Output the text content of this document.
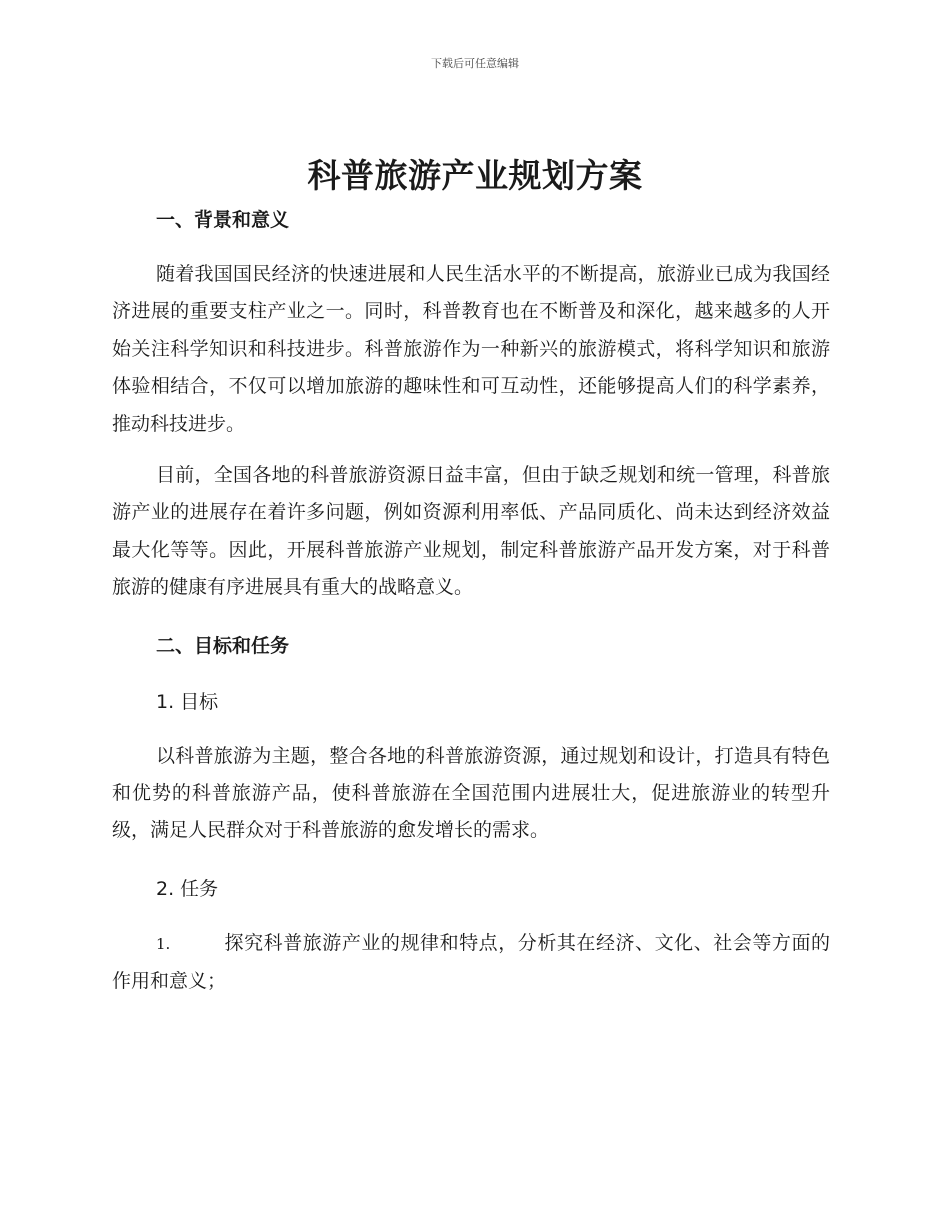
下载后可任意编辑
科普旅游产业规划方案
一、背景和意义

随着我国国民经济的快速进展和人民生活水平的不断提高，旅游业已成为我国经济进展的重要支柱产业之一。同时，科普教育也在不断普及和深化，越来越多的人开始关注科学知识和科技进步。科普旅游作为一种新兴的旅游模式，将科学知识和旅游体验相结合，不仅可以增加旅游的趣味性和可互动性，还能够提高人们的科学素养，推动科技进步。

目前，全国各地的科普旅游资源日益丰富，但由于缺乏规划和统一管理，科普旅游产业的进展存在着许多问题，例如资源利用率低、产品同质化、尚未达到经济效益最大化等等。因此，开展科普旅游产业规划，制定科普旅游产品开发方案，对于科普旅游的健康有序进展具有重大的战略意义。

二、目标和任务
1. 目标

以科普旅游为主题，整合各地的科普旅游资源，通过规划和设计，打造具有特色和优势的科普旅游产品，使科普旅游在全国范围内进展壮大，促进旅游业的转型升级，满足人民群众对于科普旅游的愈发增长的需求。

2. 任务

1.	探究科普旅游产业的规律和特点，分析其在经济、文化、社会等方面的作用和意义；
